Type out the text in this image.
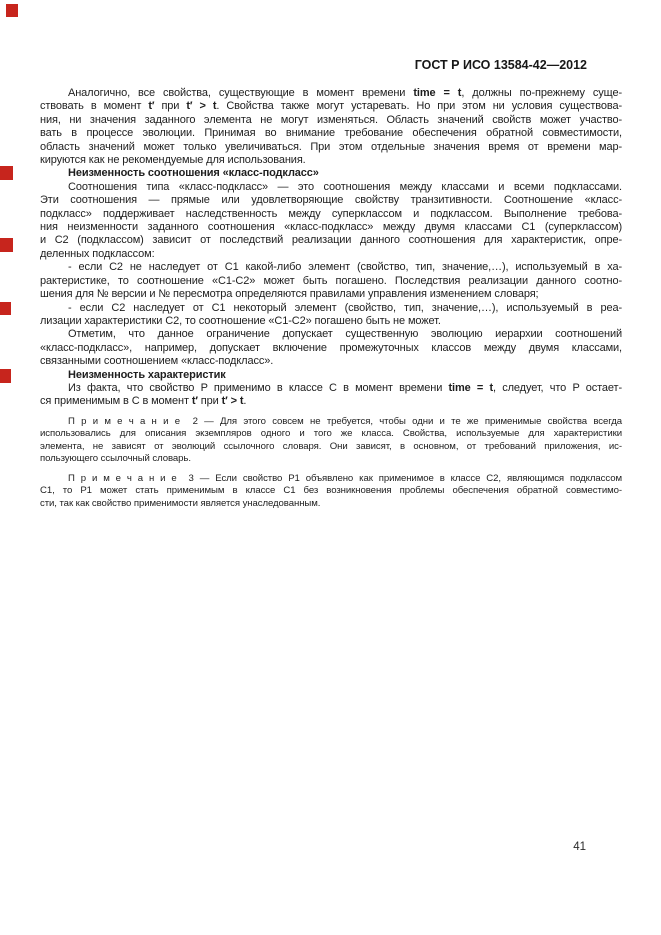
ГОСТ Р ИСО 13584-42—2012
Аналогично, все свойства, существующие в момент времени time = t, должны по-прежнему суще-
ствовать в момент t′ при t′ > t. Свойства также могут устаревать. Но при этом ни условия существова-
ния, ни значения заданного элемента не могут изменяться. Область значений свойств может участво-
вать в процессе эволюции. Принимая во внимание требование обеспечения обратной совместимости,
область значений может только увеличиваться. При этом отдельные значения время от времени мар-
кируются как не рекомендуемые для использования.
Неизменность соотношения «класс-подкласс»
Соотношения типа «класс-подкласс» — это соотношения между классами и всеми подклассами.
Эти соотношения — прямые или удовлетворяющие свойству транзитивности. Соотношение «класс-
подкласс» поддерживает наследственность между суперклассом и подклассом. Выполнение требова-
ния неизменности заданного соотношения «класс-подкласс» между двумя классами C1 (суперклассом)
и C2 (подклассом) зависит от последствий реализации данного соотношения для характеристик, опре-
деленных подклассом:
- если C2 не наследует от C1 какой-либо элемент (свойство, тип, значение,…), используемый в ха-
рактеристике, то соотношение «C1-C2» может быть погашено. Последствия реализации данного соотно-
шения для № версии и № пересмотра определяются правилами управления изменением словаря;
- если C2 наследует от C1 некоторый элемент (свойство, тип, значение,…), используемый в реа-
лизации характеристики C2, то соотношение «C1-C2» погашено быть не может.
Отметим, что данное ограничение допускает существенную эволюцию иерархии соотношений
«класс-подкласс», например, допускает включение промежуточных классов между двумя классами,
связанными соотношением «класс-подкласс».
Неизменность характеристик
Из факта, что свойство P применимо в классе C в момент времени time = t, следует, что P остает-
ся применимым в C в момент t′ при t′ > t.
П р и м е ч а н и е  2 — Для этого совсем не требуется, чтобы одни и те же применимые свойства всегда
использовались для описания экземпляров одного и того же класса. Свойства, используемые для характеристики
элемента, не зависят от эволюций ссылочного словаря. Они зависят, в основном, от требований приложения, ис-
пользующего ссылочный словарь.
П р и м е ч а н и е  3 — Если свойство P1 объявлено как применимое в классе C2, являющимся подклассом
C1, то P1 может стать применимым в классе C1 без возникновения проблемы обеспечения обратной совместимо-
сти, так как свойство применимости является унаследованным.
41
